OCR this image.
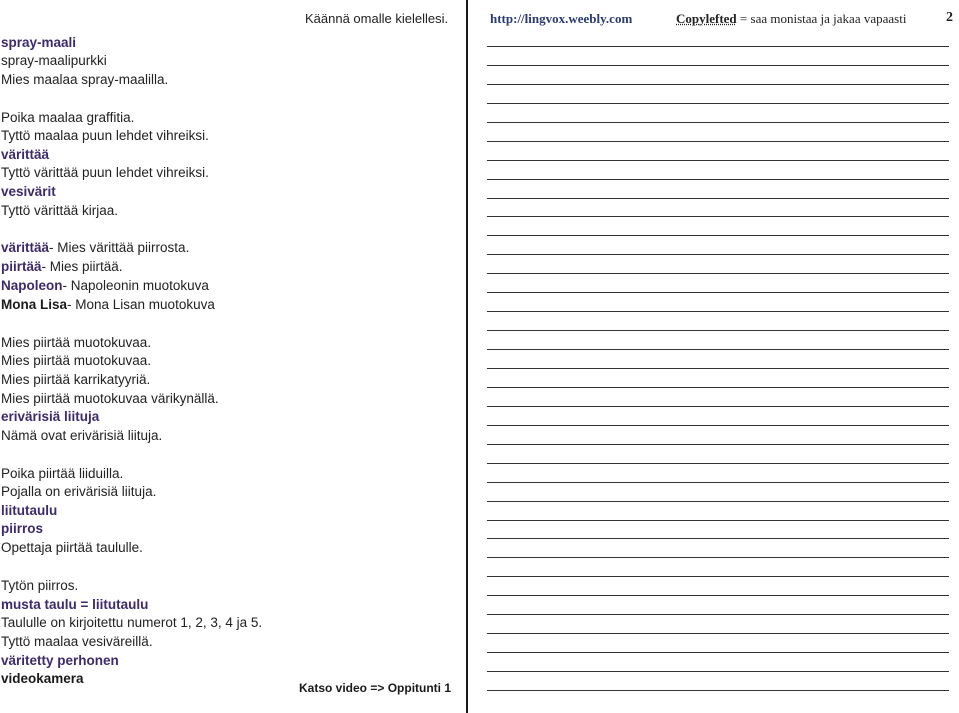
spray-maali
spray-maalipurkki
Mies maalaa spray-maalilla.
Poika maalaa graffitia.
Tyttö maalaa puun lehdet vihreiksi.
värittää
Tyttö värittää puun lehdet vihreiksi.
vesivärit
Tyttö värittää kirjaa.
värittää- Mies värittää piirrosta.
piirtää- Mies piirtää.
Napoleon- Napoleonin muotokuva
Mona Lisa- Mona Lisan muotokuva
Mies piirtää muotokuvaa.
Mies piirtää muotokuvaa.
Mies piirtää karrikatyyriä.
Mies piirtää muotokuvaa värikynällä.
erivärisiä liituja
Nämä ovat erivärisiä liituja.
Poika piirtää liiduilla.
Pojalla on erivärisiä liituja.
liitutaulu
piirros
Opettaja piirtää taululle.
Tytön piirros.
musta taulu = liitutaulu
Taululle on kirjoitettu numerot 1, 2, 3, 4 ja 5.
Tyttö maalaa vesiväreillä.
väritetty perhonen
videokamera
Käännä omalle kielellesi.
Katso video => Oppitunti 1
http://lingvox.weebly.com	Copylefted = saa monistaa ja jakaa vapaasti	2
